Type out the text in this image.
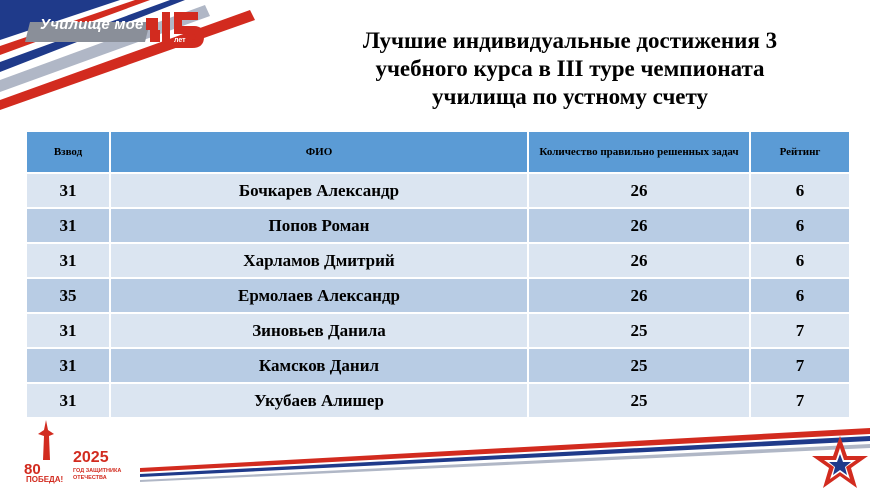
Училище мое
лет	Лучшие индивидуальные достижения 3
учебного курса в III туре чемпионата
училища по устному счету
Взвод	ФИО	Количество правильно решенных задач	Рейтинг
31	Бочкарев Александр	26	6
31	Попов Роман	26	6
31	Харламов Дмитрий	26	6
35	Ермолаев Александр	26	6
31	Зиновьев Данила	25	7
31	Камсков Данил	25	7
31	Укубаев Алишер	25	7
80
ПОБЕДА!
2025
ГОД ЗАЩИТНИКА ОТЕЧЕСТВА
